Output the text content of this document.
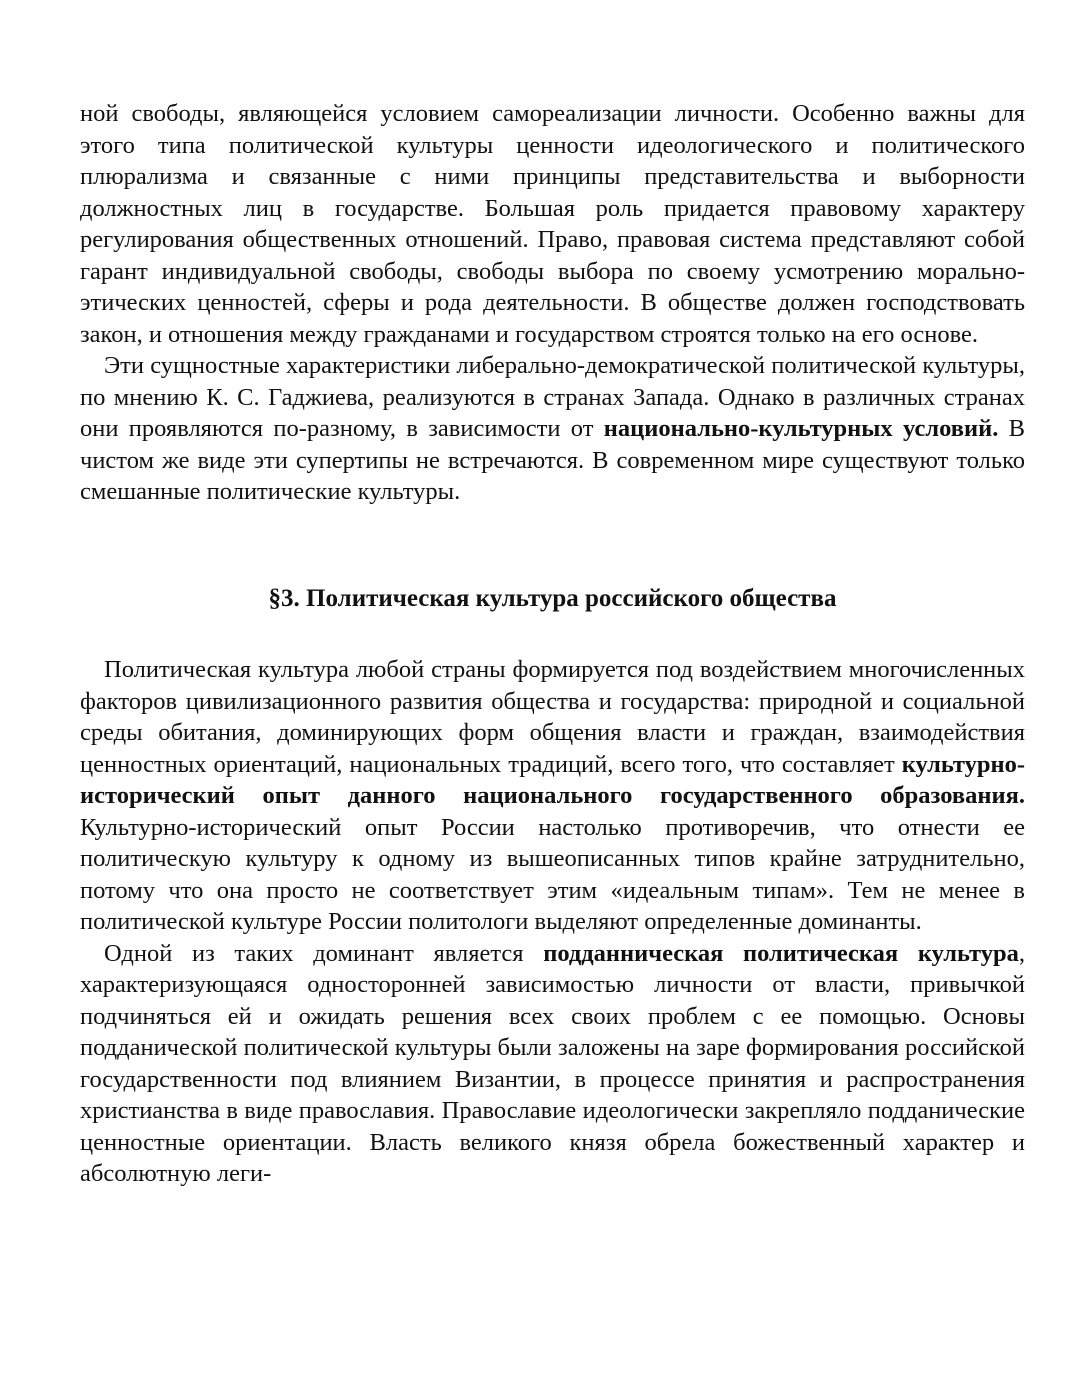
ной свободы, являющейся условием самореализации личности. Особенно важны для этого типа политической культуры ценности идеологического и политического плюрализма и связанные с ними принципы представительства и выборности должностных лиц в государстве. Большая роль придается правовому характеру регулирования общественных отношений. Право, правовая система представляют собой гарант индивидуальной свободы, свободы выбора по своему усмотрению морально-этических ценностей, сферы и рода деятельности. В обществе должен господствовать закон, и отношения между гражданами и государством строятся только на его основе.

Эти сущностные характеристики либерально-демократической политической культуры, по мнению К. С. Гаджиева, реализуются в странах Запада. Однако в различных странах они проявляются по-разному, в зависимости от национально-культурных условий. В чистом же виде эти супертипы не встречаются. В современном мире существуют только смешанные политические культуры.

§3. Политическая культура российского общества

Политическая культура любой страны формируется под воздействием многочисленных факторов цивилизационного развития общества и государства: природной и социальной среды обитания, доминирующих форм общения власти и граждан, взаимодействия ценностных ориентаций, национальных традиций, всего того, что составляет культурно-исторический опыт данного национального государственного образования. Культурно-исторический опыт России настолько противоречив, что отнести ее политическую культуру к одному из вышеописанных типов крайне затруднительно, потому что она просто не соответствует этим «идеальным типам». Тем не менее в политической культуре России политологи выделяют определенные доминанты.

Одной из таких доминант является подданническая политическая культура, характеризующаяся односторонней зависимостью личности от власти, привычкой подчиняться ей и ожидать решения всех своих проблем с ее помощью. Основы подданической политической культуры были заложены на заре формирования российской государственности под влиянием Византии, в процессе принятия и распространения христианства в виде православия. Православие идеологически закрепляло подданические ценностные ориентации. Власть великого князя обрела божественный характер и абсолютную леги-
